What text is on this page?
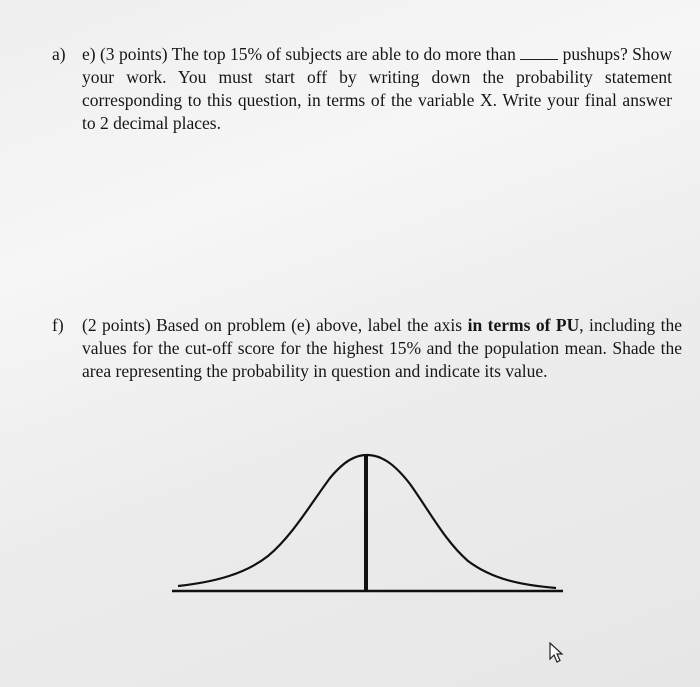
a) e) (3 points) The top 15% of subjects are able to do more than	pushups? Show your work. You must start off by writing down the probability statement corresponding to this question, in terms of the variable X. Write your final answer to 2 decimal places.
f) (2 points) Based on problem (e) above, label the axis in terms of PU, including the values for the cut-off score for the highest 15% and the population mean. Shade the area representing the probability in question and indicate its value.
